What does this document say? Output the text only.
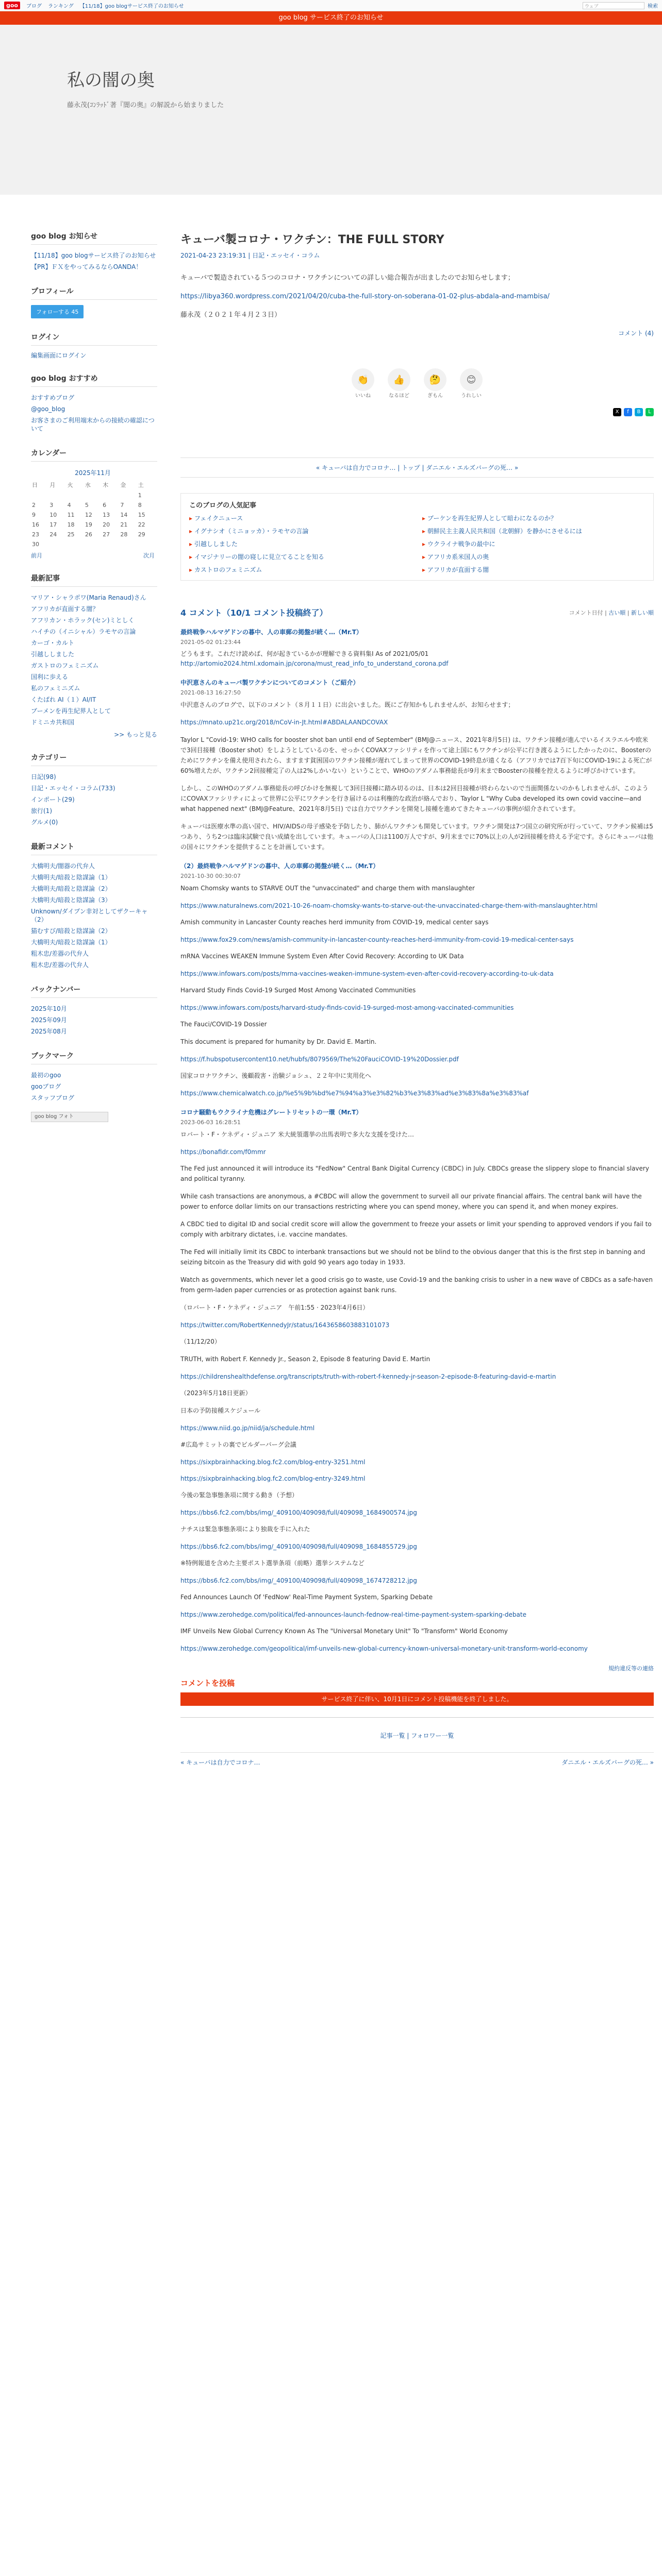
goo	ブログ ランキング 【11/18】goo blogサービス終了のお知らせ	ウェブ	検索
goo blog サービス終了のお知らせ
私の闇の奥
藤永茂(ｺﾝﾗｯﾄﾞ著『闇の奥』の解説から始まりました
goo blog お知らせ
【11/18】goo blogサービス終了のお知らせ
【PR】ＦＸをやってみるならOANDA！
プロフィール
フォローする 45
ログイン
編集画面にログイン
goo blog おすすめ
おすすめブログ
@goo_blog
お客さまのご利用端末からの接続の確認について
カレンダー
2025年11月						
日	月	火	水	木	金	土
						1
2	3	4	5	6	7	8
9	10	11	12	13	14	15
16	17	18	19	20	21	22
23	24	25	26	27	28	29
30						
前月	次月
最新記事
マリア・シャラポワ(Maria Renaud)さん
アフリカが直面する闇？
アフリカン・ホラック(セン)ミとしく
ハイチの（イニシャル）ラモヤの言論
カーゴ・カルト
引越ししました
ガストロのフェミニズム
国利に歩える
私のフェミニズム
くたばれ AI（１）AI/IT
ブーメンを再生紀界人として
ドミニカ共和国
>> もっと見る
カテゴリー
日記(98)
日記・エッセイ・コラム(733)
インポート(29)
旅行(1)
グルメ(0)
最新コメント
大橋明夫/闇器の代弁人
大橋明夫/暗殺と陰謀論（1）
大橋明夫/暗殺と陰謀論（2）
大橋明夫/暗殺と陰謀論（3）
Unknown/ダイプン非対としてザクーキャ（2）
猫むすび/暗殺と陰謀論（2）
大橋明夫/暗殺と陰謀論（1）
粗木忠/差器の代弁人
粗木忠/差器の代弁人
バックナンバー
2025年10月
2025年09月
2025年08月
ブックマーク
最初のgoo
gooブログ
スタッフブログ
goo blog フォト
キューバ製コロナ・ワクチン：THE FULL STORY
2021-04-23 23:19:31 | 日記・エッセイ・コラム

キューバで製造されている５つのコロナ・ワクチンについての詳しい総合報告が出ましたのでお知らせします；

https://libya360.wordpress.com/2021/04/20/cuba-the-full-story-on-soberana-01-02-plus-abdala-and-mambisa/

藤永茂（２０２１年４月２３日）

コメント (4)
👏
いいね
👍
なるほど
🤔
ぎもん
😊
うれしい
X	f	B	L
« キューバは自力でコロナ… | トップ | ダニエル・エルズバーグの死… »
このブログの人気記事
▸ フェイクニュース	▸ ブーケンを再生紀界人として暗わになるのか？
▸ イグナシオ（ミニョッカ）・ラモヤの言論	▸ 朝鮮民主主義人民共和国（北朝鮮）を静かにさせるには
▸ 引越ししました	▸ ウクライナ戦争の最中に
▸ イマジナリーの闇の寝しに見立てることを知る	▸ アフリカ系米国人の奥
▸ カストロのフェミニズム	▸ アフリカが直面する闇
4 コメント（10/1 コメント投稿終了）	コメント日付 | 古い順 | 新しい順
最終戦争ハルマゲドンの暮中、人の車郵の掲盤が続く…（Mr.T）
2021-05-02 01:23:44
どうもます。これだけ読めば、何が起きているかが理解できる資料集Ⅰ As of 2021/05/01
http://artomio2024.html.xdomain.jp/corona/must_read_info_to_understand_corona.pdf
中沢恵さんのキューバ製ワクチンについてのコメント（ご紹介）
2021-08-13 16:27:50

中沢恵さんのブログで、以下のコメント（８月１１日）に出会いました。既にご存知かもしれませんが、お知らせます；

https://mnato.up21c.org/2018/nCoV-in-Jt.html#ABDALAANDCOVAX

Taylor L "Covid-19: WHO calls for booster shot ban until end of September" (BMJ@ニュース、2021年8月5日) は、ワクチン接種が進んでいるイスラエルや欧米で3回目接種（Booster shot）をしようとしているのを、せっかくCOVAXファシリティを作って途上国にもワクチンが公平に行き渡るようにしたかったのに、Boosterのためにワクチンを備え使用されたら、ますます貧困国のワクチン接種が遅れてしまって世界のCOVID-19終息が遠くなる（アフリカでは7百下旬にCOVID-19による死亡が60%増えたが、ワクチン2回接種完了の人は2%しかいない）ということで、WHOのアダノム事務総長が9月末までBoosterの接種を控えるように呼びかけています。

しかし、このWHOのアダノム事務総長の呼びかけを無視して3回目接種に踏み切るのは、日本は2回目接種が終わらないので当面関係ないのかもしれませんが、このようにCOVAXファシリティによって世界に公平にワクチンを行き届けるのは利権的な政治が絡んでおり、Taylor L "Why Cuba developed its own covid vaccine—and what happened next" (BMJ@Feature、2021年8月5日) では自力でワクチンを開発し接種を進めてきたキューバの事例が紹介されています。

キューバは医療水準の高い国で、HIV/AIDSの母子感染を予防したり、肺がんワクチンも開発しています。ワクチン開発は7つ国立の研究所が行っていて、ワクチン候補は5つあり、うち2つは臨床試験で良い成績を出しています。キューバの人口は1100万人ですが、9月末までに70%以上の人が2回接種を終える予定です。さらにキューバは他の国々にワクチンを提供することを計画しています。

（2）最終戦争ハルマゲドンの暮中、人の車郵の掲盤が続く…（Mr.T）
2021-10-30 00:30:07

Noam Chomsky wants to STARVE OUT the "unvaccinated" and charge them with manslaughter

https://www.naturalnews.com/2021-10-26-noam-chomsky-wants-to-starve-out-the-unvaccinated-charge-them-with-manslaughter.html

Amish community in Lancaster County reaches herd immunity from COVID-19, medical center says

https://www.fox29.com/news/amish-community-in-lancaster-county-reaches-herd-immunity-from-covid-19-medical-center-says

mRNA Vaccines WEAKEN Immune System Even After Covid Recovery: According to UK Data

https://www.infowars.com/posts/mrna-vaccines-weaken-immune-system-even-after-covid-recovery-according-to-uk-data

Harvard Study Finds Covid-19 Surged Most Among Vaccinated Communities

https://www.infowars.com/posts/harvard-study-finds-covid-19-surged-most-among-vaccinated-communities

The Fauci/COVID-19 Dossier

This document is prepared for humanity by Dr. David E. Martin.

https://f.hubspotusercontent10.net/hubfs/8079569/The%20FauciCOVID-19%20Dossier.pdf

国家コロナワクチン、後顧殺害・治験ジョシュ、２２年中に実用化へ

https://www.chemicalwatch.co.jp/%e5%9b%bd%e7%94%a3%e3%82%b3%e3%83%ad%e3%83%8a%e3%83%af
コロナ騒動もウクライナ危機はグレートリセットの一環（Mr.T）
2023-06-03 16:28:51

ロバート・F・ケネディ・ジュニア 米大統領選挙の出馬表明で多大な支援を受けた…

https://bonafidr.com/f0mmr

The Fed just announced it will introduce its "FedNow" Central Bank Digital Currency (CBDC) in July. CBDCs grease the slippery slope to financial slavery and political tyranny.

While cash transactions are anonymous, a #CBDC will allow the government to surveil all our private financial affairs. The central bank will have the power to enforce dollar limits on our transactions restricting where you can spend money, where you can spend it, and when money expires.

A CBDC tied to digital ID and social credit score will allow the government to freeze your assets or limit your spending to approved vendors if you fail to comply with arbitrary dictates, i.e. vaccine mandates.

The Fed will initially limit its CBDC to interbank transactions but we should not be blind to the obvious danger that this is the first step in banning and seizing bitcoin as the Treasury did with gold 90 years ago today in 1933.

Watch as governments, which never let a good crisis go to waste, use Covid-19 and the banking crisis to usher in a new wave of CBDCs as a safe-haven from germ-laden paper currencies or as protection against bank runs.

（ロバート・F・ケネディ・ジュニア　午前1:55 · 2023年4月6日）

https://twitter.com/RobertKennedyJr/status/1643658603883101073

（11/12/20）

TRUTH, with Robert F. Kennedy Jr., Season 2, Episode 8 featuring David E. Martin

https://childrenshealthdefense.org/transcripts/truth-with-robert-f-kennedy-jr-season-2-episode-8-featuring-david-e-martin

（2023年5月18日更新）

日本の予防接種スケジュール

https://www.niid.go.jp/niid/ja/schedule.html

#広島サミットの裏でビルダーバーグ会議

https://sixpbrainhacking.blog.fc2.com/blog-entry-3251.html
https://sixpbrainhacking.blog.fc2.com/blog-entry-3249.html

今後の緊急事態条項に関する動き（予想）

https://bbs6.fc2.com/bbs/img/_409100/409098/full/409098_1684900574.jpg

ナチスは緊急事態条項により独裁を手に入れた

https://bbs6.fc2.com/bbs/img/_409100/409098/full/409098_1684855729.jpg

※特例報道を含めた主要ポスト選挙条項（前略）選挙システムなど

https://bbs6.fc2.com/bbs/img/_409100/409098/full/409098_1674728212.jpg

Fed Announces Launch Of 'FedNow' Real-Time Payment System, Sparking Debate

https://www.zerohedge.com/political/fed-announces-launch-fednow-real-time-payment-system-sparking-debate

IMF Unveils New Global Currency Known As The "Universal Monetary Unit" To "Transform" World Economy

https://www.zerohedge.com/geopolitical/imf-unveils-new-global-currency-known-universal-monetary-unit-transform-world-economy
規約違反等の連絡
コメントを投稿
サービス終了に伴い、10月1日にコメント投稿機能を終了しました。
記事一覧 | フォロワー一覧
« キューバは自力でコロナ…	ダニエル・エルズバーグの死… »
